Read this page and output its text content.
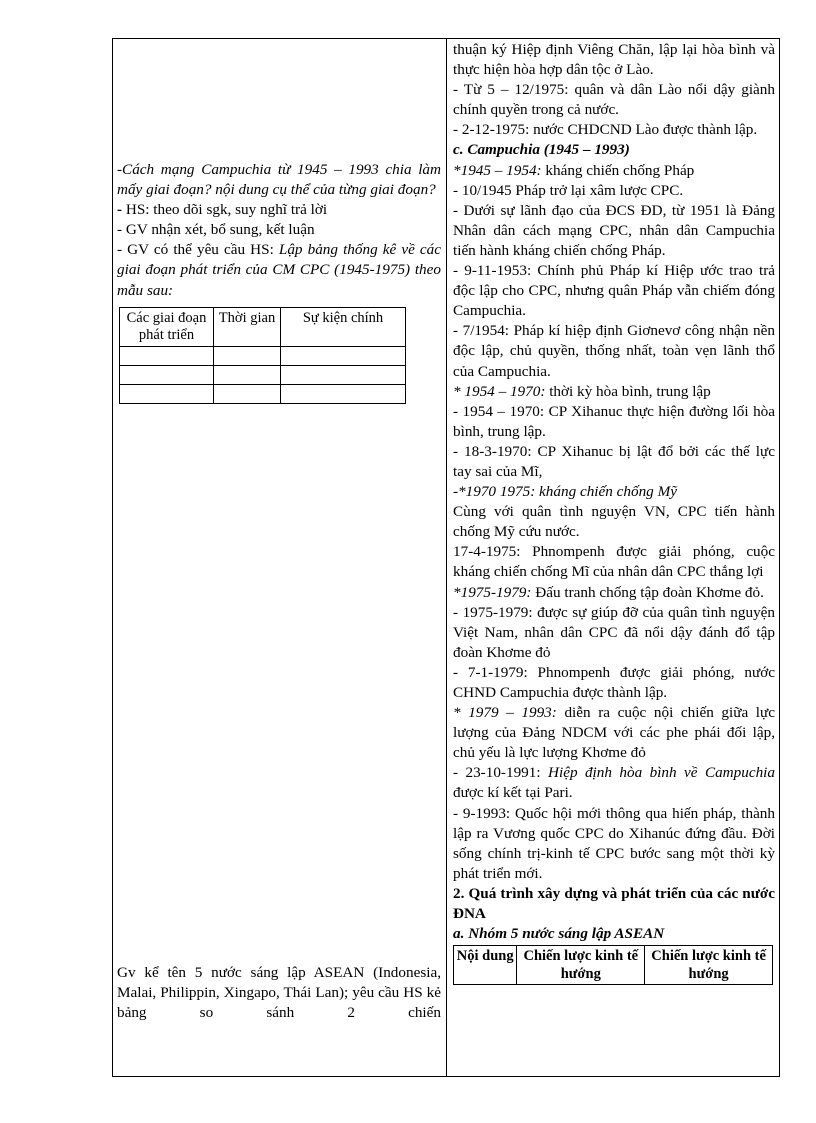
-Cách mạng Campuchia từ 1945 – 1993 chia làm mấy giai đoạn? nội dung cụ thể của từng giai đoạn?

- HS: theo dõi sgk, suy nghĩ trả lời

- GV nhận xét, bổ sung, kết luận

- GV có thể yêu cầu HS: Lập bảng thống kê về các giai đoạn phát triển của CM CPC (1945-1975) theo mẫu sau:

Các giai đoạn phát triển	Thời gian	Sự kiện chính

Gv kể tên 5 nước sáng lập ASEAN (Indonesia, Malai, Philippin, Xingapo, Thái Lan); yêu cầu HS kẻ bảng so sánh 2 chiến

thuận ký Hiệp định Viêng Chăn, lập lại hòa bình và thực hiện hòa hợp dân tộc ở Lào.

- Từ 5 – 12/1975: quân và dân Lào nổi dậy giành chính quyền trong cả nước.

- 2-12-1975: nước CHDCND Lào được thành lập.

c. Campuchia (1945 – 1993)

*1945 – 1954: kháng chiến chống Pháp

- 10/1945 Pháp trở lại xâm lược CPC.

- Dưới sự lãnh đạo của ĐCS ĐD, từ 1951 là Đảng Nhân dân cách mạng CPC, nhân dân Campuchia tiến hành kháng chiến chống Pháp.

- 9-11-1953: Chính phủ Pháp kí Hiệp ước trao trả độc lập cho CPC, nhưng quân Pháp vẫn chiếm đóng Campuchia.

- 7/1954: Pháp kí hiệp định Giơnevơ công nhận nền độc lập, chủ quyền, thống nhất, toàn vẹn lãnh thổ của Campuchia.

* 1954 – 1970: thời kỳ hòa bình, trung lập

- 1954 – 1970: CP Xihanuc thực hiện đường lối hòa bình, trung lập.

- 18-3-1970: CP Xihanuc bị lật đổ bởi các thế lực tay sai của Mĩ,

-*1970 1975: kháng chiến chống Mỹ

Cùng với quân tình nguyện VN, CPC tiến hành chống Mỹ cứu nước.

17-4-1975: Phnompenh được giải phóng, cuộc kháng chiến chống Mĩ của nhân dân CPC thắng lợi

*1975-1979: Đấu tranh chống tập đoàn Khơme đỏ.

- 1975-1979: được sự giúp đỡ của quân tình nguyện Việt Nam, nhân dân CPC đã nổi dậy đánh đổ tập đoàn Khơme đỏ

- 7-1-1979: Phnompenh được giải phóng, nước CHND Campuchia được thành lập.

* 1979 – 1993: diễn ra cuộc nội chiến giữa lực lượng của Đảng NDCM với các phe phái đối lập, chủ yếu là lực lượng Khơme đỏ

- 23-10-1991: Hiệp định hòa bình về Campuchia được kí kết tại Pari.

- 9-1993: Quốc hội mới thông qua hiến pháp, thành lập ra Vương quốc CPC do Xihanúc đứng đầu. Đời sống chính trị-kinh tế CPC bước sang một thời kỳ phát triển mới.

2. Quá trình xây dựng và phát triển của các nước ĐNA

a. Nhóm 5 nước sáng lập ASEAN

Nội dung	Chiến lược kinh tế hướng	Chiến lược kinh tế hướng
